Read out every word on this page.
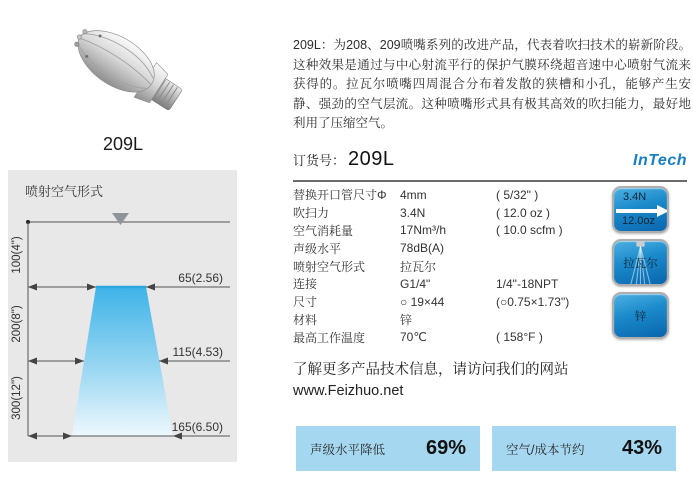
209L
喷射空气形式
100(4")
200(8")
300(12")
65(2.56)
115(4.53)
165(6.50)

209L：为208、209喷嘴系列的改进产品，代表着吹扫技术的崭新阶段。这种效果是通过与中心射流平行的保护气膜环绕超音速中心喷射气流来获得的。拉瓦尔喷嘴四周混合分布着发散的狭槽和小孔，能够产生安静、强劲的空气层流。这种喷嘴形式具有极其高效的吹扫能力，最好地利用了压缩空气。

订货号： 209L	InTech
替换开口管尺寸Φ	4mm	( 5/32" )
吹扫力	3.4N	( 12.0 oz )
空气消耗量	17Nm³/h	( 10.0 scfm )
声级水平	78dB(A)
喷射空气形式	拉瓦尔
连接	G1/4"	1/4"-18NPT
尺寸	○ 19×44	(○0.75×1.73")
材料	锌
最高工作温度	70℃	( 158°F )
3.4N
12.0oz
拉瓦尔
锌
了解更多产品技术信息，请访问我们的网站
www.Feizhuo.net
声级水平降低 69%	空气/成本节约 43%
